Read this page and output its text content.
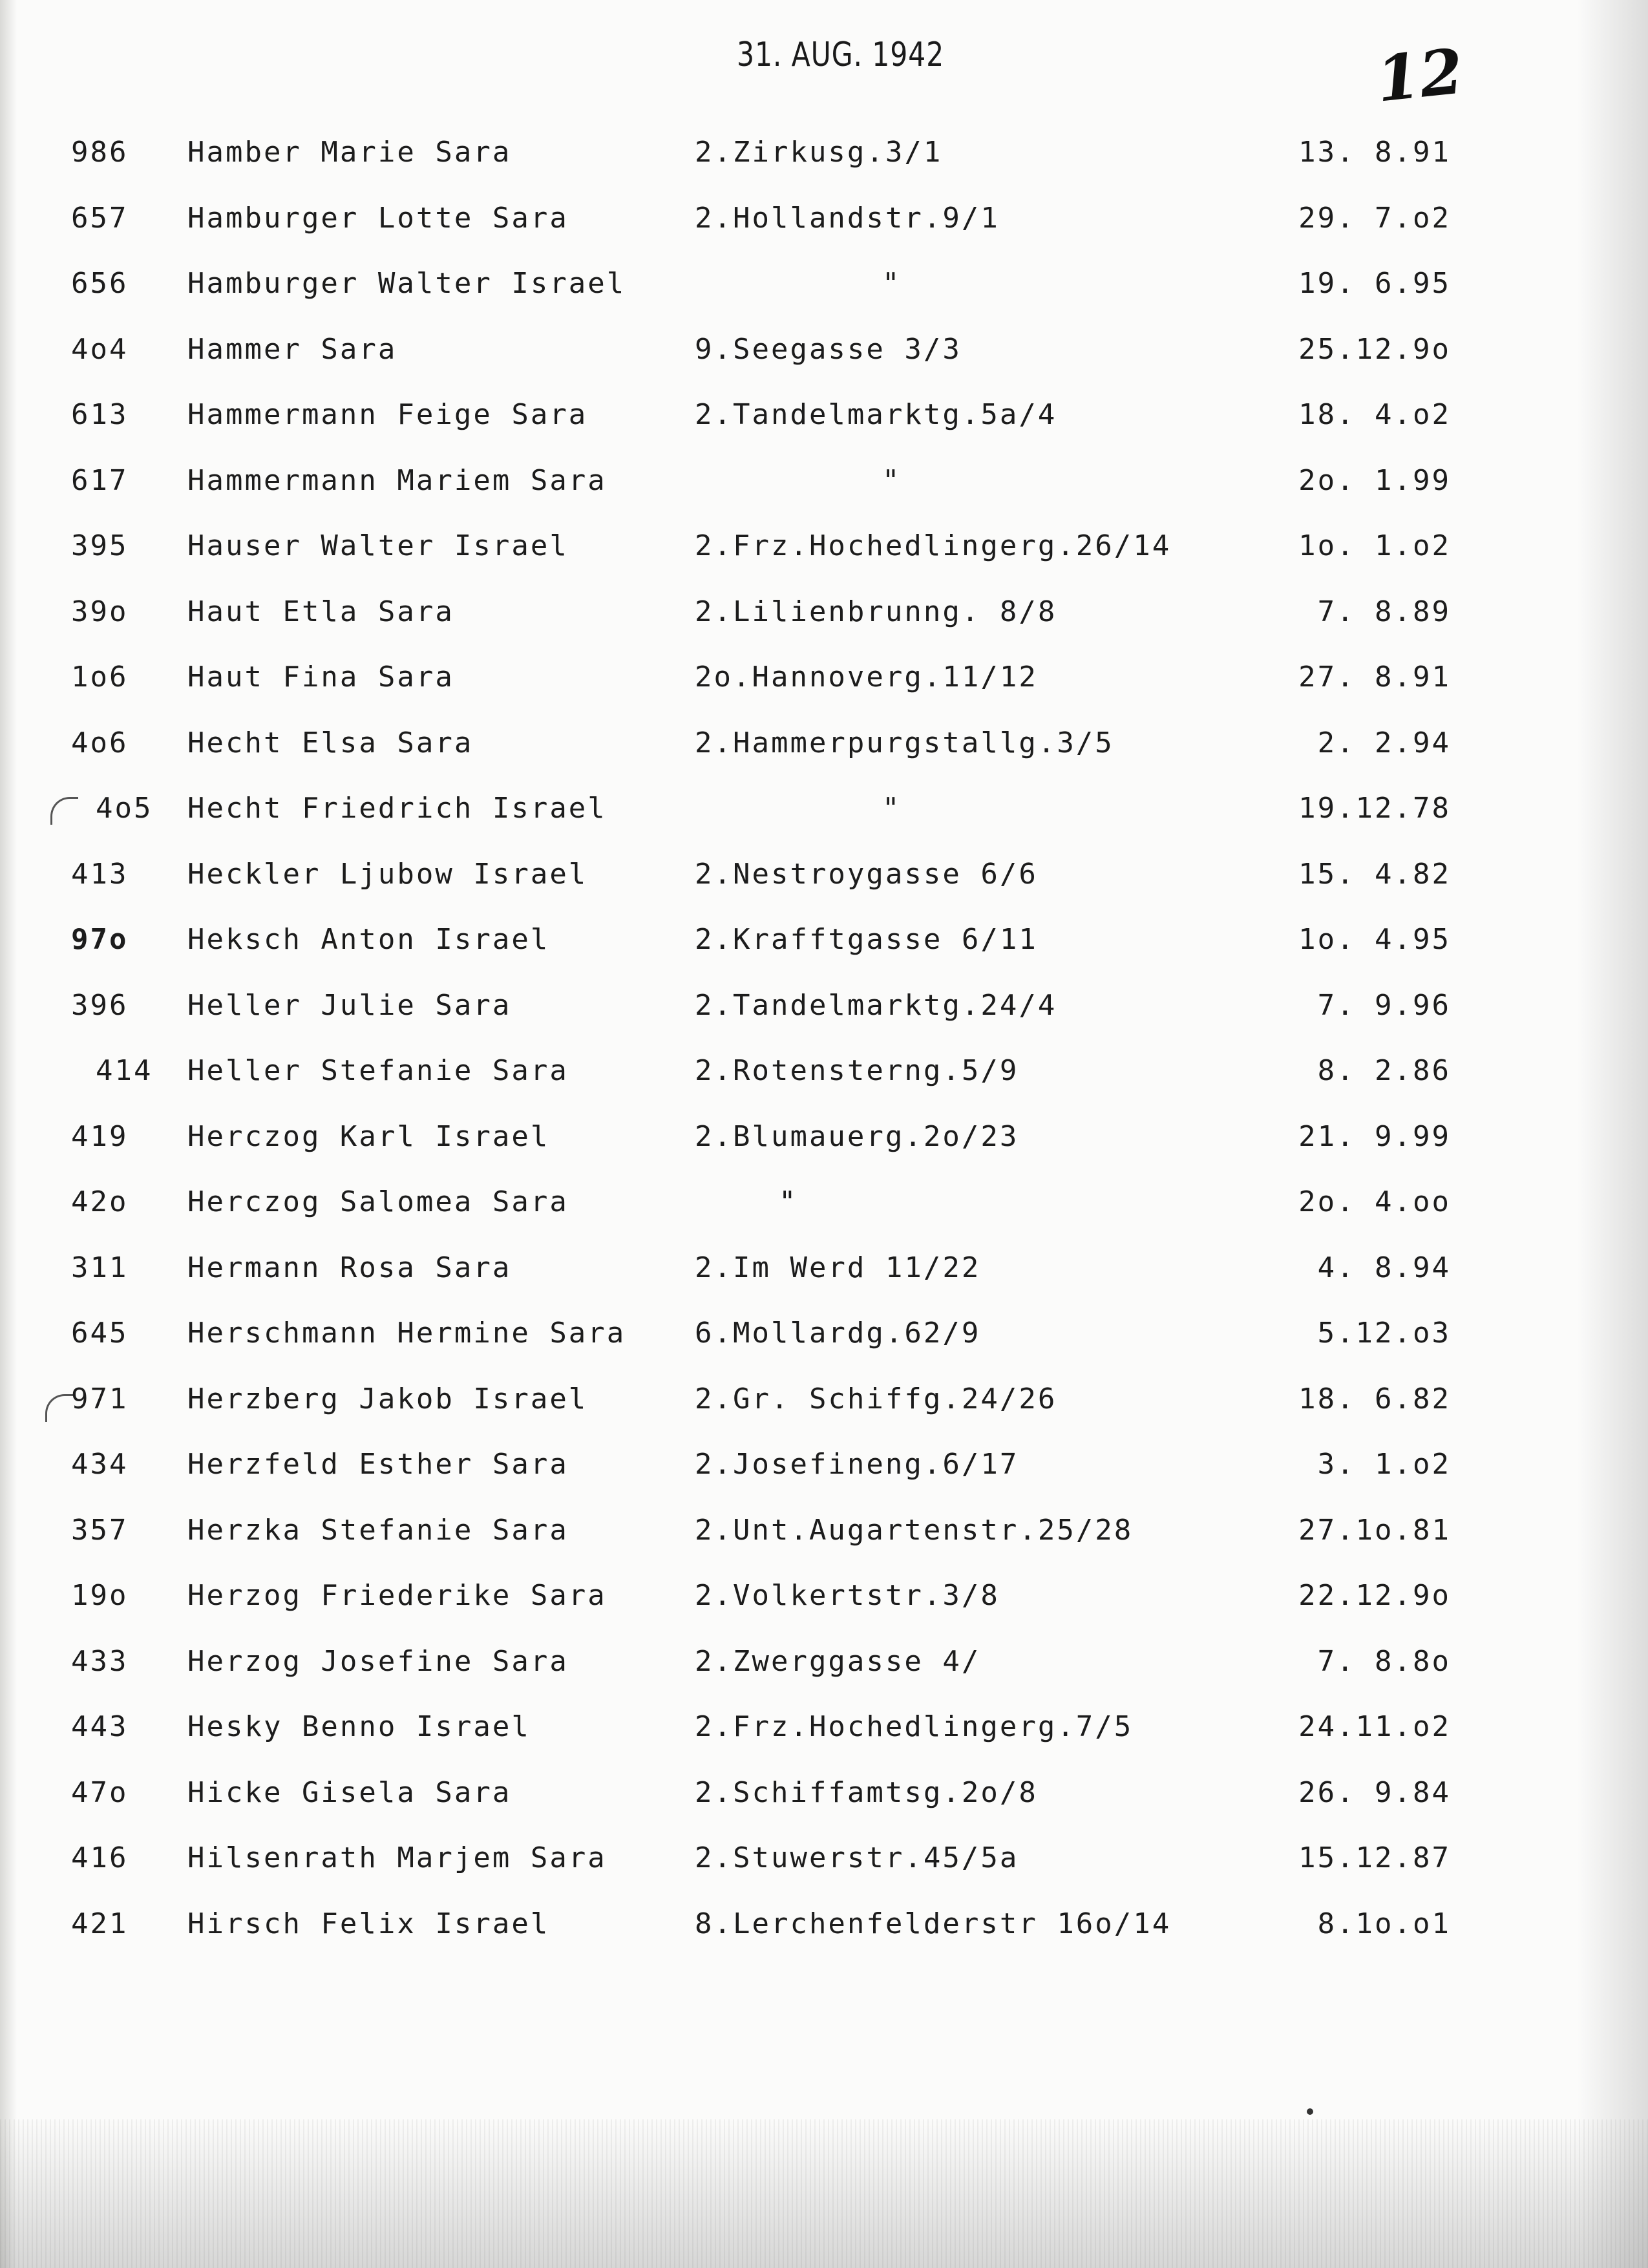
31. AUG. 1942	12
986 Hamber Marie Sara	2.Zirkusg.3/1	13. 8.91
657 Hamburger Lotte Sara	2.Hollandstr.9/1	29. 7.o2
656 Hamburger Walter Israel	"	19. 6.95
4o4 Hammer Sara	9.Seegasse 3/3	25.12.9o
613 Hammermann Feige Sara	2.Tandelmarktg.5a/4	18. 4.o2
617 Hammermann Mariem Sara	"	2o. 1.99
395 Hauser Walter Israel	2.Frz.Hochedlingerg.26/14	1o. 1.o2
39o Haut Etla Sara	2.Lilienbrunng. 8/8	7. 8.89
1o6 Haut Fina Sara	2o.Hannoverg.11/12	27. 8.91
4o6 Hecht Elsa Sara	2.Hammerpurgstallg.3/5	2. 2.94
4o5 Hecht Friedrich Israel	"	19.12.78
413 Heckler Ljubow Israel	2.Nestroygasse 6/6	15. 4.82
97o Heksch Anton Israel	2.Krafftgasse 6/11	1o. 4.95
396 Heller Julie Sara	2.Tandelmarktg.24/4	7. 9.96
414 Heller Stefanie Sara	2.Rotensterng.5/9	8. 2.86
419 Herczog Karl Israel	2.Blumauerg.2o/23	21. 9.99
42o Herczog Salomea Sara	"	2o. 4.oo
311 Hermann Rosa Sara	2.Im Werd 11/22	4. 8.94
645 Herschmann Hermine Sara 6.Mollardg.62/9	5.12.o3
971 Herzberg Jakob Israel	2.Gr. Schiffg.24/26	18. 6.82
434 Herzfeld Esther Sara	2.Josefineng.6/17	3. 1.o2
357 Herzka Stefanie Sara	2.Unt.Augartenstr.25/28	27.1o.81
19o Herzog Friederike Sara	2.Volkertstr.3/8	22.12.9o
433 Herzog Josefine Sara	2.Zwerggasse 4/	7. 8.8o
443 Hesky Benno Israel	2.Frz.Hochedlingerg.7/5	24.11.o2
47o Hicke Gisela Sara	2.Schiffamtsg.2o/8	26. 9.84
416 Hilsenrath Marjem Sara	2.Stuwerstr.45/5a	15.12.87
421 Hirsch Felix Israel	8.Lerchenfelderstr 16o/14	8.1o.o1
